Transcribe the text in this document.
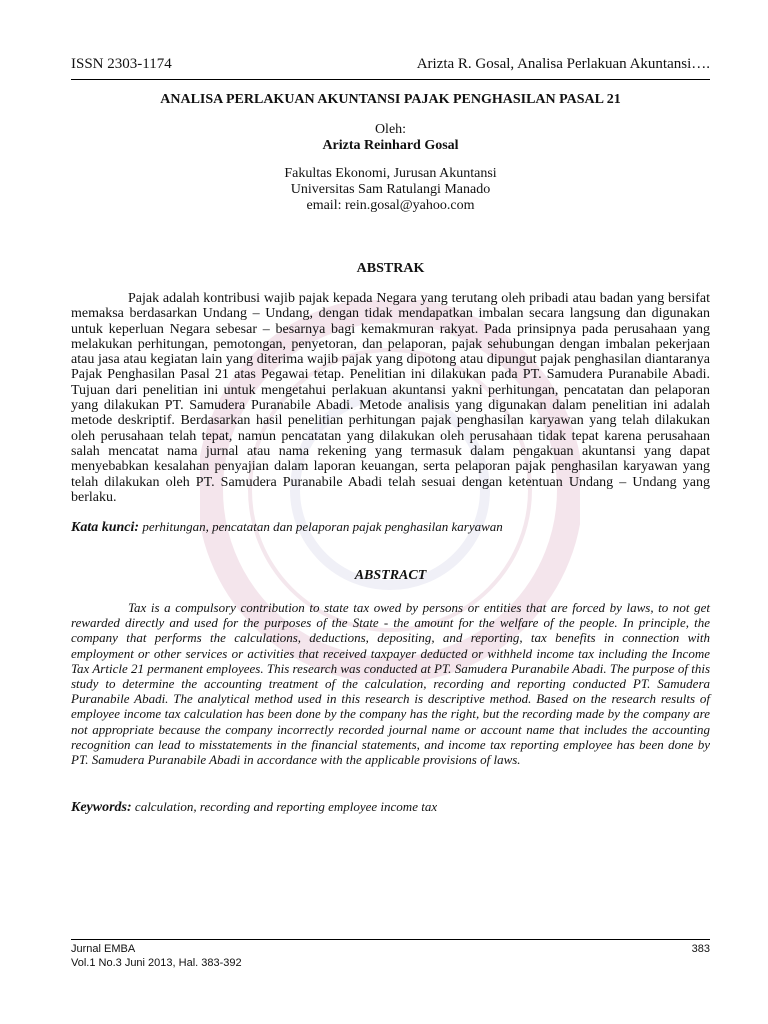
ISSN 2303-1174	Arizta R. Gosal, Analisa Perlakuan Akuntansi….
ANALISA PERLAKUAN AKUNTANSI PAJAK PENGHASILAN PASAL 21
Oleh:
Arizta Reinhard Gosal
Fakultas Ekonomi, Jurusan Akuntansi
Universitas Sam Ratulangi Manado
email: rein.gosal@yahoo.com
ABSTRAK

Pajak adalah kontribusi wajib pajak kepada Negara yang terutang oleh pribadi atau badan yang bersifat memaksa berdasarkan Undang – Undang, dengan tidak mendapatkan imbalan secara langsung dan digunakan untuk keperluan Negara sebesar – besarnya bagi kemakmuran rakyat. Pada prinsipnya pada perusahaan yang melakukan perhitungan, pemotongan, penyetoran, dan pelaporan, pajak sehubungan dengan imbalan pekerjaan atau jasa atau kegiatan lain yang diterima wajib pajak yang dipotong atau dipungut pajak penghasilan diantaranya Pajak Penghasilan Pasal 21 atas Pegawai tetap. Penelitian ini dilakukan pada PT. Samudera Puranabile Abadi. Tujuan dari penelitian ini untuk mengetahui perlakuan akuntansi yakni perhitungan, pencatatan dan pelaporan yang dilakukan PT. Samudera Puranabile Abadi. Metode analisis yang digunakan dalam penelitian ini adalah metode deskriptif. Berdasarkan hasil penelitian perhitungan pajak penghasilan karyawan yang telah dilakukan oleh perusahaan telah tepat, namun pencatatan yang dilakukan oleh perusahaan tidak tepat karena perusahaan salah mencatat nama jurnal atau nama rekening yang termasuk dalam pengakuan akuntansi yang dapat menyebabkan kesalahan penyajian dalam laporan keuangan, serta pelaporan pajak penghasilan karyawan yang telah dilakukan oleh PT. Samudera Puranabile Abadi telah sesuai dengan ketentuan Undang – Undang yang berlaku.

Kata kunci: perhitungan, pencatatan dan pelaporan pajak penghasilan karyawan
ABSTRACT

Tax is a compulsory contribution to state tax owed by persons or entities that are forced by laws, to not get rewarded directly and used for the purposes of the State - the amount for the welfare of the people. In principle, the company that performs the calculations, deductions, depositing, and reporting, tax benefits in connection with employment or other services or activities that received taxpayer deducted or withheld income tax including the Income Tax Article 21 permanent employees. This research was conducted at PT. Samudera Puranabile Abadi. The purpose of this study to determine the accounting treatment of the calculation, recording and reporting conducted PT. Samudera Puranabile Abadi. The analytical method used in this research is descriptive method. Based on the research results of employee income tax calculation has been done by the company has the right, but the recording made by the company are not appropriate because the company incorrectly recorded journal name or account name that includes the accounting recognition can lead to misstatements in the financial statements, and income tax reporting employee has been done by PT. Samudera Puranabile Abadi in accordance with the applicable provisions of laws.

Keywords: calculation, recording and reporting employee income tax
Jurnal EMBA
Vol.1 No.3 Juni 2013, Hal. 383-392
383
